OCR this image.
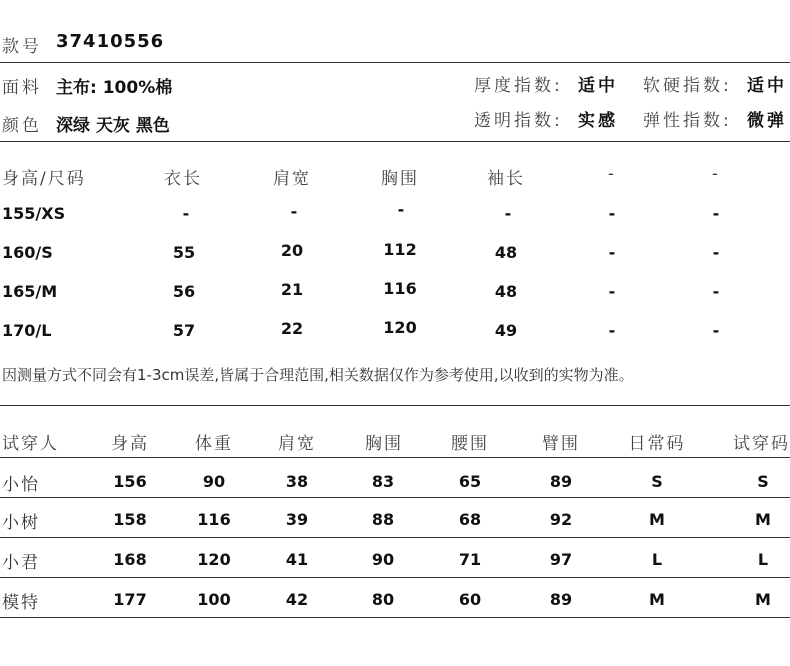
款号 37410556
面料 主布: 100%棉
颜色 深绿 天灰 黑色
厚度指数: 适中 软硬指数: 适中
透明指数: 实感 弹性指数: 微弹
身高/尺码	衣长	肩宽	胸围	袖长	-	-
155/XS	-	-	-	-	-	-
160/S	55	20	112	48	-	-
165/M	56	21	116	48	-	-
170/L	57	22	120	49	-	-
因测量方式不同会有1-3cm误差,皆属于合理范围,相关数据仅作为参考使用,以收到的实物为准。
试穿人	身高	体重	肩宽	胸围	腰围	臂围	日常码	试穿码
小怡	156	90	38	83	65	89	S	S
小树	158	116	39	88	68	92	M	M
小君	168	120	41	90	71	97	L	L
模特	177	100	42	80	60	89	M	M
